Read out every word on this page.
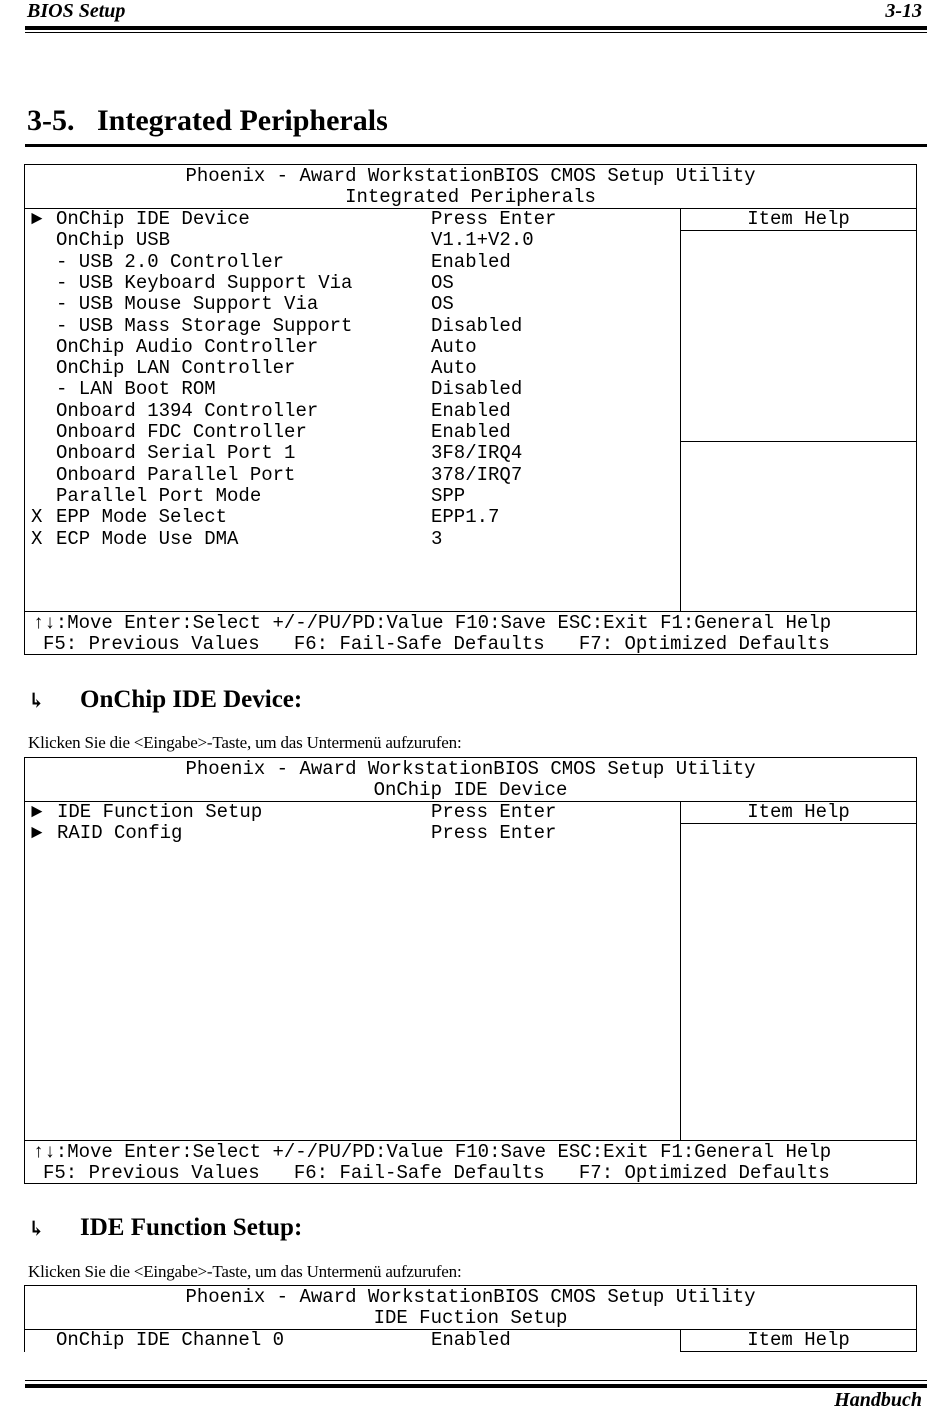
BIOS Setup	3-13
3-5.   Integrated Peripherals
Phoenix - Award WorkstationBIOS CMOS Setup Utility
Integrated Peripherals
Item Help
► OnChip IDE Device	Press Enter
OnChip USB	V1.1+V2.0
- USB 2.0 Controller	Enabled
- USB Keyboard Support Via	OS
- USB Mouse Support Via	OS
- USB Mass Storage Support	Disabled
OnChip Audio Controller	Auto
OnChip LAN Controller	Auto
- LAN Boot ROM	Disabled
Onboard 1394 Controller	Enabled
Onboard FDC Controller	Enabled
Onboard Serial Port 1	3F8/IRQ4
Onboard Parallel Port	378/IRQ7
Parallel Port Mode	SPP
X EPP Mode Select	EPP1.7
X ECP Mode Use DMA	3
↑↓:Move Enter:Select +/-/PU/PD:Value F10:Save ESC:Exit F1:General Help
F5: Previous Values   F6: Fail-Safe Defaults   F7: Optimized Defaults
↳ OnChip IDE Device:
Klicken Sie die <Eingabe>-Taste, um das Untermenü aufzurufen:
Phoenix - Award WorkstationBIOS CMOS Setup Utility
OnChip IDE Device
Item Help
► IDE Function Setup	Press Enter
► RAID Config	Press Enter
↑↓:Move Enter:Select +/-/PU/PD:Value F10:Save ESC:Exit F1:General Help
F5: Previous Values   F6: Fail-Safe Defaults   F7: Optimized Defaults
↳ IDE Function Setup:
Klicken Sie die <Eingabe>-Taste, um das Untermenü aufzurufen:
Phoenix - Award WorkstationBIOS CMOS Setup Utility
IDE Fuction Setup
Item Help
OnChip IDE Channel 0	Enabled
Handbuch
